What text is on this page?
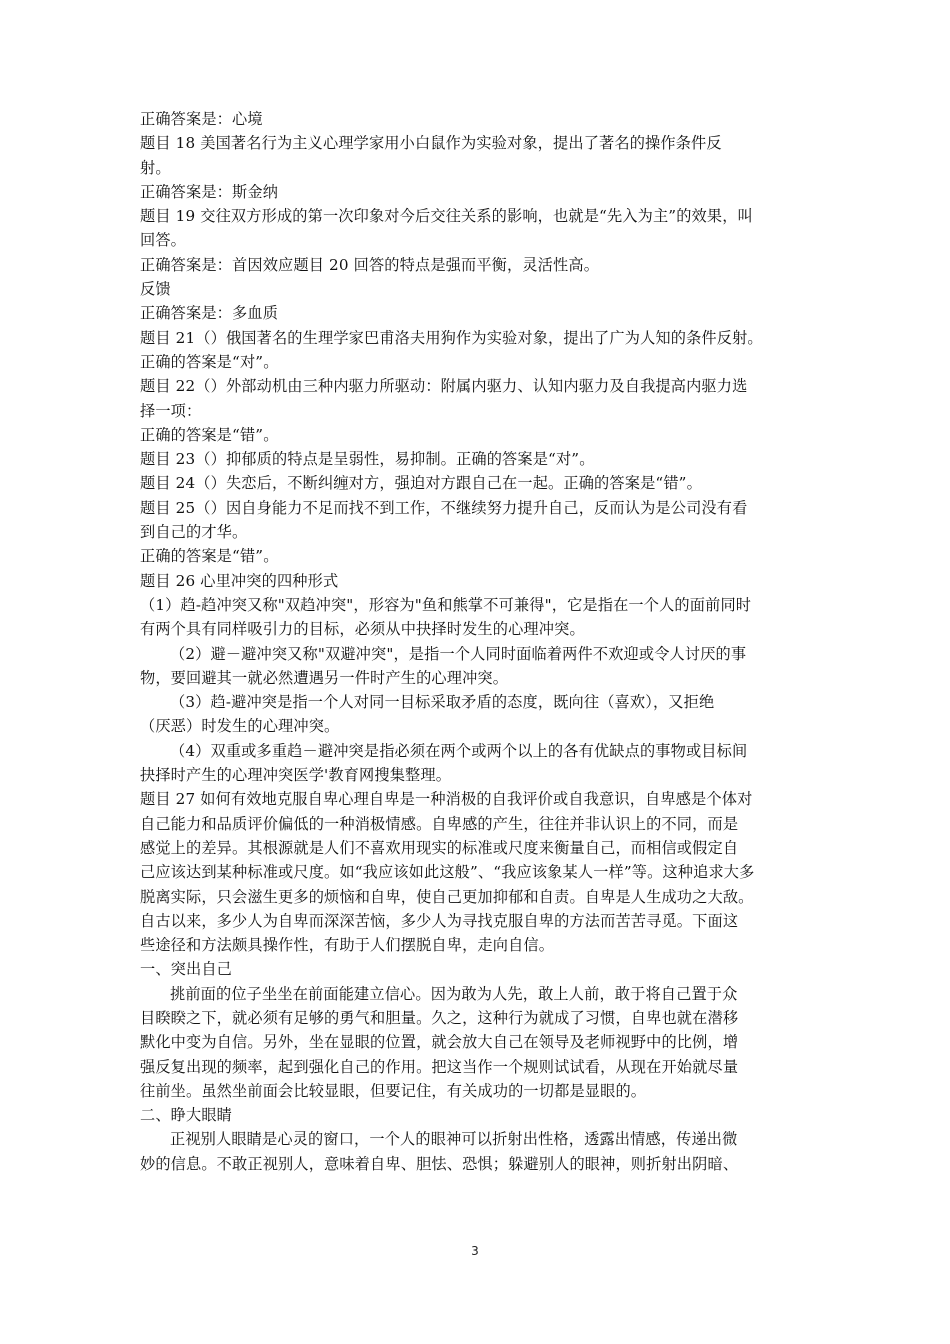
正确答案是：心境
题目 18 美国著名行为主义心理学家用小白鼠作为实验对象，提出了著名的操作条件反
射。
正确答案是：斯金纳
题目 19 交往双方形成的第一次印象对今后交往关系的影响，也就是“先入为主”的效果，叫
回答。
正确答案是：首因效应题目 20 回答的特点是强而平衡，灵活性高。
反馈
正确答案是：多血质
题目 21（）俄国著名的生理学家巴甫洛夫用狗作为实验对象，提出了广为人知的条件反射。
正确的答案是“对”。
题目 22（）外部动机由三种内驱力所驱动：附属内驱力、认知内驱力及自我提高内驱力选
择一项：
正确的答案是“错”。
题目 23（）抑郁质的特点是呈弱性，易抑制。正确的答案是“对”。
题目 24（）失恋后，不断纠缠对方，强迫对方跟自己在一起。正确的答案是“错”。
题目 25（）因自身能力不足而找不到工作，不继续努力提升自己，反而认为是公司没有看
到自己的才华。
正确的答案是“错”。
题目 26 心里冲突的四种形式
（1）趋-趋冲突又称"双趋冲突"，形容为"鱼和熊掌不可兼得"，它是指在一个人的面前同时
有两个具有同样吸引力的目标，必须从中抉择时发生的心理冲突。
（2）避－避冲突又称"双避冲突"，是指一个人同时面临着两件不欢迎或令人讨厌的事
物，要回避其一就必然遭遇另一件时产生的心理冲突。
（3）趋-避冲突是指一个人对同一目标采取矛盾的态度，既向往（喜欢），又拒绝
（厌恶）时发生的心理冲突。
（4）双重或多重趋－避冲突是指必须在两个或两个以上的各有优缺点的事物或目标间
抉择时产生的心理冲突医学'教育网搜集整理。
题目 27 如何有效地克服自卑心理自卑是一种消极的自我评价或自我意识，自卑感是个体对
自己能力和品质评价偏低的一种消极情感。自卑感的产生，往往并非认识上的不同，而是
感觉上的差异。其根源就是人们不喜欢用现实的标准或尺度来衡量自己，而相信或假定自
己应该达到某种标准或尺度。如“我应该如此这般”、“我应该象某人一样”等。这种追求大多
脱离实际，只会滋生更多的烦恼和自卑，使自己更加抑郁和自责。自卑是人生成功之大敌。
自古以来，多少人为自卑而深深苦恼，多少人为寻找克服自卑的方法而苦苦寻觅。下面这
些途径和方法颇具操作性，有助于人们摆脱自卑，走向自信。
一、突出自己
挑前面的位子坐坐在前面能建立信心。因为敢为人先，敢上人前，敢于将自己置于众
目睽睽之下，就必须有足够的勇气和胆量。久之，这种行为就成了习惯，自卑也就在潜移
默化中变为自信。另外，坐在显眼的位置，就会放大自己在领导及老师视野中的比例，增
强反复出现的频率，起到强化自己的作用。把这当作一个规则试试看，从现在开始就尽量
往前坐。虽然坐前面会比较显眼，但要记住，有关成功的一切都是显眼的。
二、睁大眼睛
正视别人眼睛是心灵的窗口，一个人的眼神可以折射出性格，透露出情感，传递出微
妙的信息。不敢正视别人，意味着自卑、胆怯、恐惧；躲避别人的眼神，则折射出阴暗、
3
